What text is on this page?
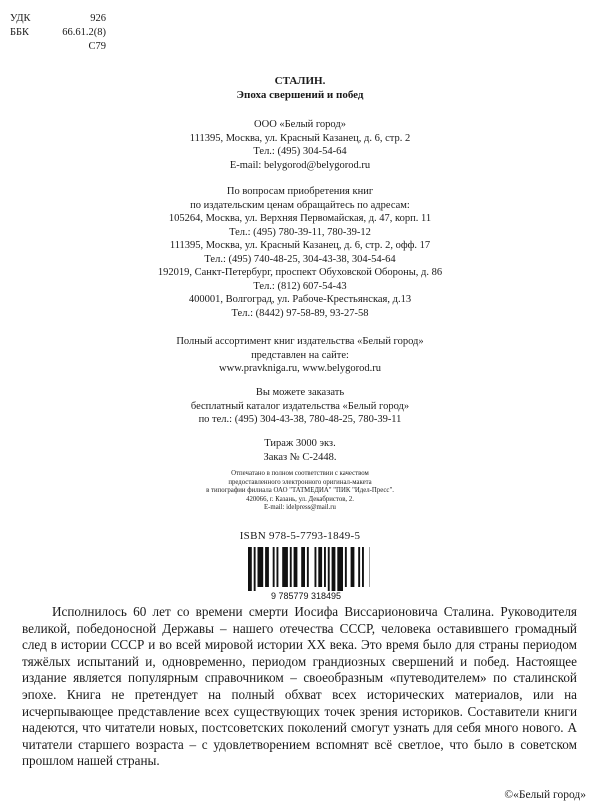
УДК	926
ББК	66.61.2(8)
С79
СТАЛИН.
Эпоха свершений и побед

ООО «Белый город»

111395, Москва, ул. Красный Казанец, д. 6, стр. 2

Тел.: (495) 304-54-64

E-mail: belygorod@belygorod.ru

По вопросам приобретения книг

по издательским ценам обращайтесь по адресам:

105264, Москва, ул. Верхняя Первомайская, д. 47, корп. 11

Тел.: (495) 780-39-11, 780-39-12

111395, Москва, ул. Красный Казанец, д. 6, стр. 2, офф. 17

Тел.: (495) 740-48-25, 304-43-38, 304-54-64

192019, Санкт-Петербург, проспект Обуховской Обороны, д. 86

Тел.: (812) 607-54-43

400001, Волгоград, ул. Рабоче-Крестьянская, д.13

Тел.: (8442) 97-58-89, 93-27-58

Полный ассортимент книг издательства «Белый город»

представлен на сайте:

www.pravkniga.ru, www.belygorod.ru

Вы можете заказать

бесплатный каталог издательства «Белый город»

по тел.: (495) 304-43-38, 780-48-25, 780-39-11

Тираж 3000 экз.

Заказ № С-2448.

Отпечатано в полном соответствии с качеством
предоставленного электронного оригинал-макета
в типографии филиала ОАО "ТАТМЕДИА" "ПИК "Идел-Пресс".
420066, г. Казань, ул. Декабристов, 2.
E-mail: idelpress@mail.ru
ISBN 978-5-7793-1849-5
9 785779 318495
Исполнилось 60 лет со времени смерти Иосифа Виссарионовича Сталина. Руководителя великой, победоносной Державы – нашего отечества СССР, человека оставившего громадный след в истории СССР и во всей мировой истории XX века. Это время было для страны периодом тяжёлых испытаний и, одновременно, периодом грандиозных свершений и побед. Настоящее издание является популярным справочником – своеобразным «путеводителем» по сталинской эпохе. Книга не претендует на полный обхват всех исторических материалов, или на исчерпывающее представление всех существующих точек зрения историков. Составители книги надеются, что читатели новых, постсоветских поколений смогут узнать для себя много нового. А читатели старшего возраста – с удовлетворением вспомнят всё светлое, что было в советском прошлом нашей страны.
©«Белый город»
